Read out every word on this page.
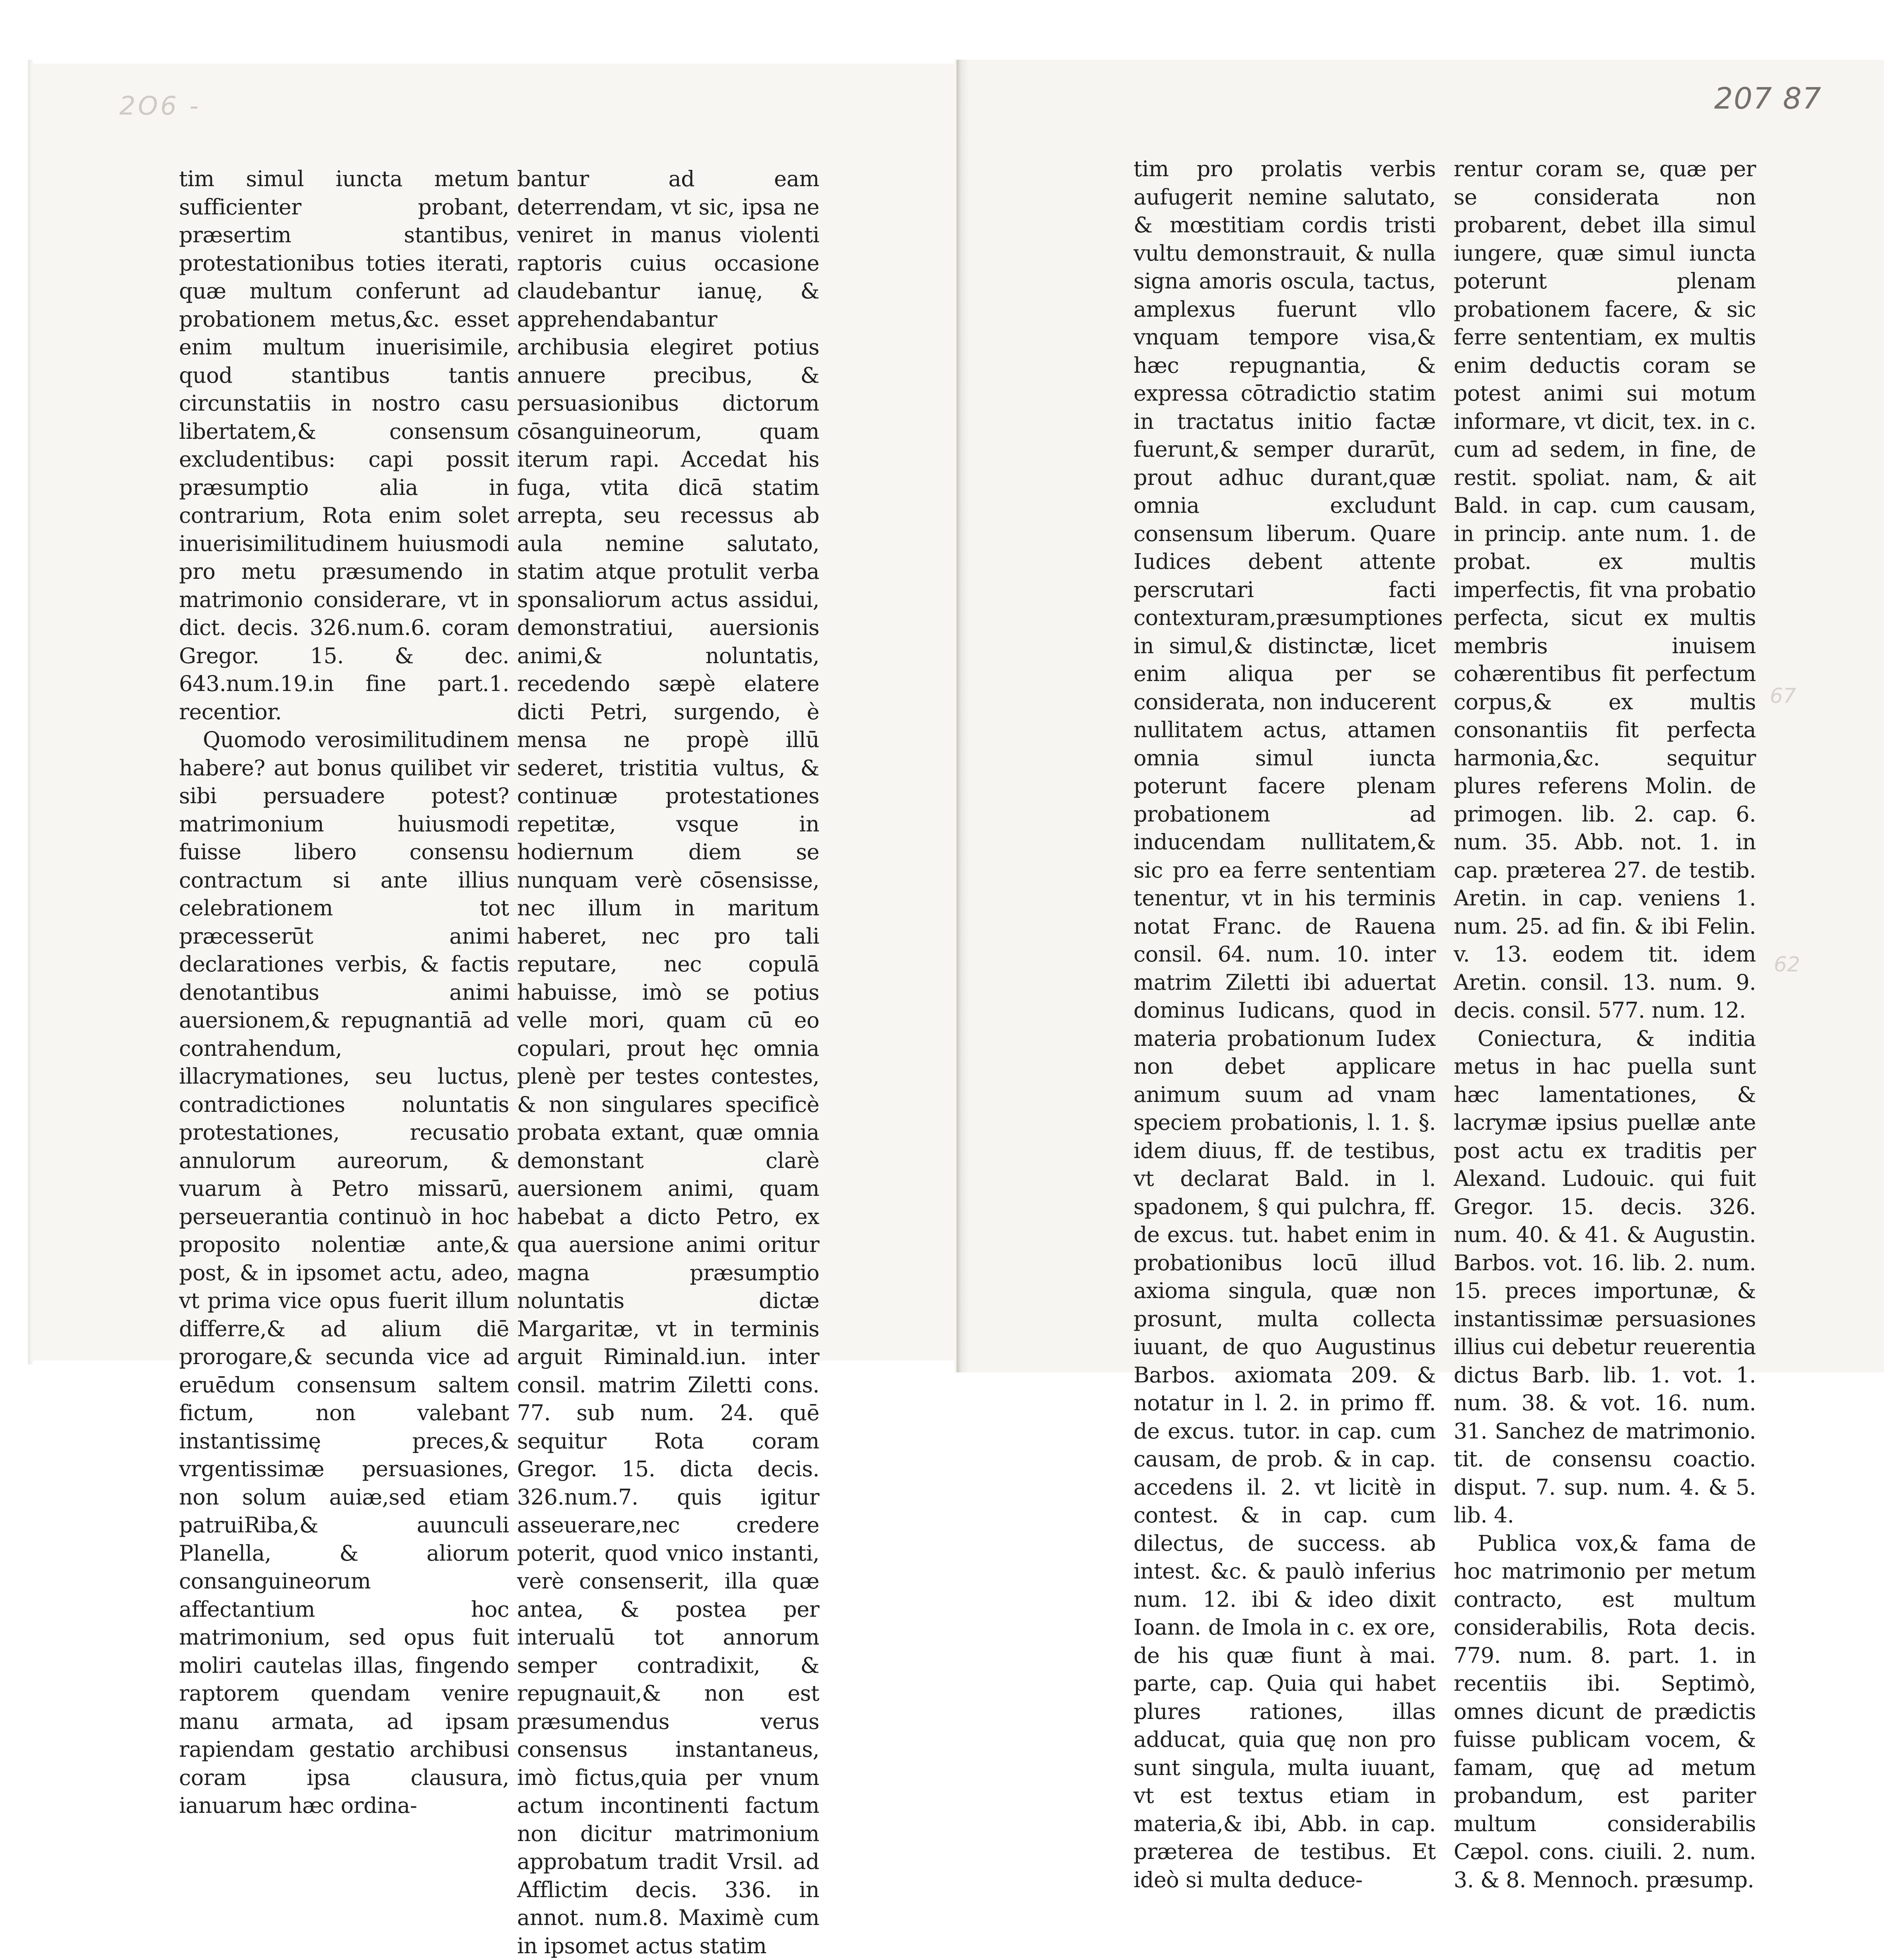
2O6 -	207 87
67
62

tim simul iuncta metum sufficienter probant, præsertim stantibus, protestationibus toties iterati, quæ multum conferunt ad probationem metus,&c. esset enim multum inuerisimile, quod stantibus tantis circunstatiis in nostro casu libertatem,& consensum excludentibus: capi possit præsumptio alia in contrarium, Rota enim solet inuerisimilitudinem huiusmodi pro metu præsumendo in matrimonio considerare, vt in dict. decis. 326.num.6. coram Gregor. 15. & dec. 643.num.19.in fine part.1. recentior.

Quomodo verosimilitudinem habere? aut bonus quilibet vir sibi persuadere potest? matrimonium huiusmodi fuisse libero consensu contractum si ante illius celebrationem tot præcesserūt animi declarationes verbis, & factis denotantibus animi auersionem,& repugnantiā ad contrahendum, illacrymationes, seu luctus, contradictiones noluntatis protestationes, recusatio annulorum aureorum, & vuarum à Petro missarū, perseuerantia continuò in hoc proposito nolentiæ ante,& post, & in ipsomet actu, adeo, vt prima vice opus fuerit illum differre,& ad alium diē prorogare,& secunda vice ad eruēdum consensum saltem fictum, non valebant instantissimę preces,& vrgentissimæ persuasiones, non solum auiæ,sed etiam patruiRiba,& auunculi Planella, & aliorum consanguineorum affectantium hoc matrimonium, sed opus fuit moliri cautelas illas, fingendo raptorem quendam venire manu armata, ad ipsam rapiendam gestatio archibusi coram ipsa clausura, ianuarum hæc ordina-

bantur ad eam deterrendam, vt sic, ipsa ne veniret in manus violenti raptoris cuius occasione claudebantur ianuę, & apprehendabantur archibusia elegiret potius annuere precibus, & persuasionibus dictorum cōsanguineorum, quam iterum rapi. Accedat his fuga, vtita dicā statim arrepta, seu recessus ab aula nemine salutato, statim atque protulit verba sponsaliorum actus assidui, demonstratiui, auersionis animi,& noluntatis, recedendo sæpè elatere dicti Petri, surgendo, è mensa ne propè illū sederet, tristitia vultus, & continuæ protestationes repetitæ, vsque in hodiernum diem se nunquam verè cōsensisse, nec illum in maritum haberet, nec pro tali reputare, nec copulā habuisse, imò se potius velle mori, quam cū eo copulari, prout hęc omnia plenè per testes contestes, & non singulares specificè probata extant, quæ omnia demonstant clarè auersionem animi, quam habebat a dicto Petro, ex qua auersione animi oritur magna præsumptio noluntatis dictæ Margaritæ, vt in terminis arguit Riminald.iun. inter consil. matrim Ziletti cons. 77. sub num. 24. quē sequitur Rota coram Gregor. 15. dicta decis. 326.num.7. quis igitur asseuerare,nec credere poterit, quod vnico instanti, verè consenserit, illa quæ antea, & postea per interualū tot annorum semper contradixit, & repugnauit,& non est præsumendus verus consensus instantaneus, imò fictus,quia per vnum actum incontinenti factum non dicitur matrimonium approbatum tradit Vrsil. ad Afflictim decis. 336. in annot. num.8. Maximè cum in ipsomet actus statim

tim pro prolatis verbis aufugerit nemine salutato, & mœstitiam cordis tristi vultu demonstrauit, & nulla signa amoris oscula, tactus, amplexus fuerunt vllo vnquam tempore visa,& hæc repugnantia, & expressa cōtradictio statim in tractatus initio factæ fuerunt,& semper durarūt, prout adhuc durant,quæ omnia excludunt consensum liberum. Quare Iudices debent attente perscrutari facti contexturam,præsumptiones in simul,& distinctæ, licet enim aliqua per se considerata, non inducerent nullitatem actus, attamen omnia simul iuncta poterunt facere plenam probationem ad inducendam nullitatem,& sic pro ea ferre sententiam tenentur, vt in his terminis notat Franc. de Rauena consil. 64. num. 10. inter matrim Ziletti ibi aduertat dominus Iudicans, quod in materia probationum Iudex non debet applicare animum suum ad vnam speciem probationis, l. 1. §. idem diuus, ff. de testibus, vt declarat Bald. in l. spadonem, § qui pulchra, ff. de excus. tut. habet enim in probationibus locū illud axioma singula, quæ non prosunt, multa collecta iuuant, de quo Augustinus Barbos. axiomata 209. & notatur in l. 2. in primo ff. de excus. tutor. in cap. cum causam, de prob. & in cap. accedens il. 2. vt licitè in contest. & in cap. cum dilectus, de success. ab intest. &c. & paulò inferius num. 12. ibi & ideo dixit Ioann. de Imola in c. ex ore, de his quæ fiunt à mai. parte, cap. Quia qui habet plures rationes, illas adducat, quia quę non pro sunt singula, multa iuuant, vt est textus etiam in materia,& ibi, Abb. in cap. præterea de testibus. Et ideò si multa deduce-

rentur coram se, quæ per se considerata non probarent, debet illa simul iungere, quæ simul iuncta poterunt plenam probationem facere, & sic ferre sententiam, ex multis enim deductis coram se potest animi sui motum informare, vt dicit, tex. in c. cum ad sedem, in fine, de restit. spoliat. nam, & ait Bald. in cap. cum causam, in princip. ante num. 1. de probat. ex multis imperfectis, fit vna probatio perfecta, sicut ex multis membris inuisem cohærentibus fit perfectum corpus,& ex multis consonantiis fit perfecta harmonia,&c. sequitur plures referens Molin. de primogen. lib. 2. cap. 6. num. 35. Abb. not. 1. in cap. præterea 27. de testib. Aretin. in cap. veniens 1. num. 25. ad fin. & ibi Felin. v. 13. eodem tit. idem Aretin. consil. 13. num. 9. decis. consil. 577. num. 12.

Coniectura, & inditia metus in hac puella sunt hæc lamentationes, & lacrymæ ipsius puellæ ante post actu ex traditis per Alexand. Ludouic. qui fuit Gregor. 15. decis. 326. num. 40. & 41. & Augustin. Barbos. vot. 16. lib. 2. num. 15. preces importunæ, & instantissimæ persuasiones illius cui debetur reuerentia dictus Barb. lib. 1. vot. 1. num. 38. & vot. 16. num. 31. Sanchez de matrimonio. tit. de consensu coactio. disput. 7. sup. num. 4. & 5. lib. 4.

Publica vox,& fama de hoc matrimonio per metum contracto, est multum considerabilis, Rota decis. 779. num. 8. part. 1. in recentiis ibi. Septimò, omnes dicunt de prædictis fuisse publicam vocem, & famam, quę ad metum probandum, est pariter multum considerabilis Cæpol. cons. ciuili. 2. num. 3. & 8. Mennoch. præsump.
